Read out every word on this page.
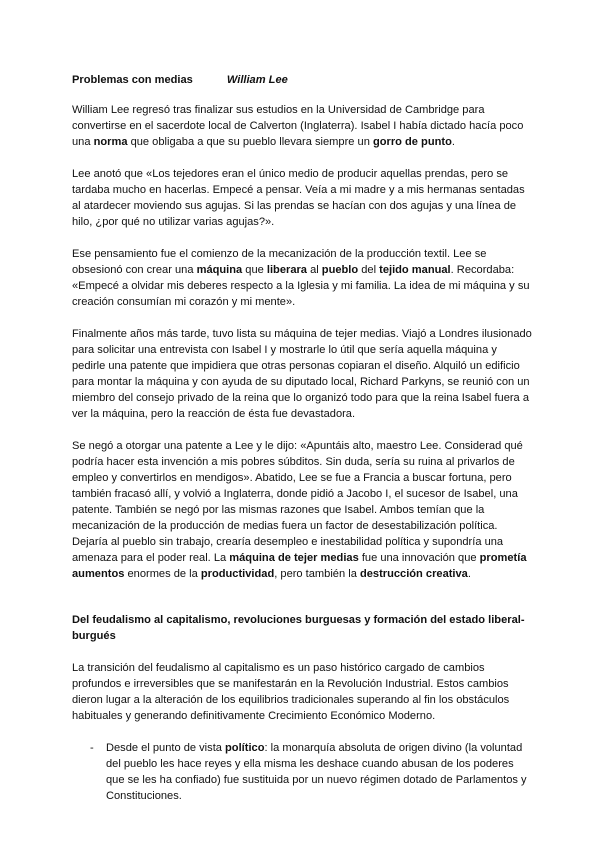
Problemas con medias	William Lee

William Lee regresó tras finalizar sus estudios en la Universidad de Cambridge para convertirse en el sacerdote local de Calverton (Inglaterra). Isabel I había dictado hacía poco una norma que obligaba a que su pueblo llevara siempre un gorro de punto.

Lee anotó que «Los tejedores eran el único medio de producir aquellas prendas, pero se tardaba mucho en hacerlas. Empecé a pensar. Veía a mi madre y a mis hermanas sentadas al atardecer moviendo sus agujas. Si las prendas se hacían con dos agujas y una línea de hilo, ¿por qué no utilizar varias agujas?».

Ese pensamiento fue el comienzo de la mecanización de la producción textil. Lee se obsesionó con crear una máquina que liberara al pueblo del tejido manual. Recordaba: «Empecé a olvidar mis deberes respecto a la Iglesia y mi familia. La idea de mi máquina y su creación consumían mi corazón y mi mente».

Finalmente años más tarde, tuvo lista su máquina de tejer medias. Viajó a Londres ilusionado para solicitar una entrevista con Isabel I y mostrarle lo útil que sería aquella máquina y pedirle una patente que impidiera que otras personas copiaran el diseño. Alquiló un edificio para montar la máquina y con ayuda de su diputado local, Richard Parkyns, se reunió con un miembro del consejo privado de la reina que lo organizó todo para que la reina Isabel fuera a ver la máquina, pero la reacción de ésta fue devastadora.

Se negó a otorgar una patente a Lee y le dijo: «Apuntáis alto, maestro Lee. Considerad qué podría hacer esta invención a mis pobres súbditos. Sin duda, sería su ruina al privarlos de empleo y convertirlos en mendigos». Abatido, Lee se fue a Francia a buscar fortuna, pero también fracasó allí, y volvió a Inglaterra, donde pidió a Jacobo I, el sucesor de Isabel, una patente. También se negó por las mismas razones que Isabel. Ambos temían que la mecanización de la producción de medias fuera un factor de desestabilización política. Dejaría al pueblo sin trabajo, crearía desempleo e inestabilidad política y supondría una amenaza para el poder real. La máquina de tejer medias fue una innovación que prometía aumentos enormes de la productividad, pero también la destrucción creativa.

Del feudalismo al capitalismo, revoluciones burguesas y formación del estado liberal-burgués

La transición del feudalismo al capitalismo es un paso histórico cargado de cambios profundos e irreversibles que se manifestarán en la Revolución Industrial. Estos cambios dieron lugar a la alteración de los equilibrios tradicionales superando al fin los obstáculos habituales y generando definitivamente Crecimiento Económico Moderno.

- Desde el punto de vista político: la monarquía absoluta de origen divino (la voluntad del pueblo les hace reyes y ella misma les deshace cuando abusan de los poderes que se les ha confiado) fue sustituida por un nuevo régimen dotado de Parlamentos y Constituciones.
